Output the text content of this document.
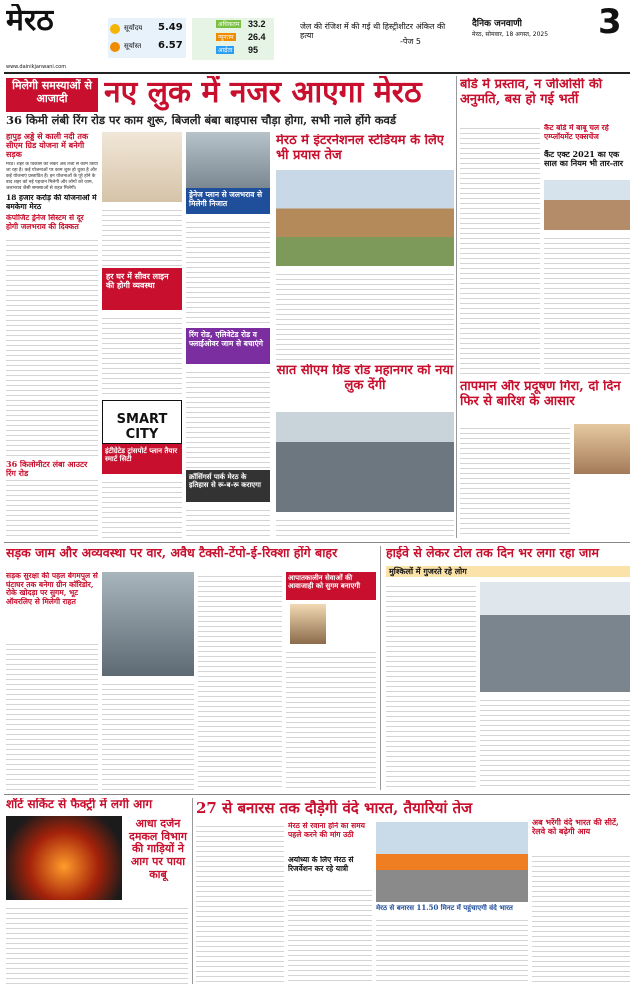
मेरठ
www.dainikjanwani.com
सूर्योदय 5.49
सूर्यास्त 6.57
अधिकतम 33.2
न्यूनतम 26.4
आर्द्रता 95
जेल की रंजिश में की गई थी हिस्ट्रीशीटर अंकित की हत्या
-पेज 5
दैनिक जनवाणी
मेरठ, सोमवार, 18 अगस्त, 2025 3
मिलेगी समस्याओं से आजादी	नए लुक में नजर आएगा मेरठ
36 किमी लंबी रिंग रोड पर काम शुरू, बिजली बंबा बाइपास चौड़ा होगा, सभी नाले होंगे कवर्ड
हापुड़ अड्डे से काली नदी तक सीएम ग्रिड योजना में बनेगी सड़क
मेरठ। शहर के विकास को लेकर अब तेजी से काम किया जा रहा है। कई योजनाओं पर काम शुरू हो चुका है और कई योजनाएं प्रस्तावित हैं। इन योजनाओं के पूरे होने के बाद शहर को नई पहचान मिलेगी और लोगों को जाम, जलभराव जैसी समस्याओं से राहत मिलेगी।
18 हजार करोड़ की योजनाओं मे बमकेगा मेरठ
कंपोजिट ड्रेनेज सिस्टम से दूर होगी जलभराव की दिक्कत
हर घर में सीवर लाइन की होगी व्यवस्था
SMART CITY
इंटीग्रेटेड ट्रांसपोर्ट प्लान तैयार स्मार्ट सिटी
36 किलोमीटर लंबा आउटर रिंग रोड
ड्रेनेज प्लान से जलभराव से मिलेगी निजात
रिंग रोड, एलिवेटेड रोड व फ्लाईओवर जाम से बचाएंगे
क्रॉसिंगर्स पार्क मेरठ के इतिहास से रू-ब-रू कराएगा
मेरठ में इंटरनेशनल स्टेडियम के लिए भी प्रयास तेज
सात सीएम ग्रिड रोड महानगर को नया लुक देंगी
बोर्ड में प्रस्ताव, न जीओसी की अनुमति, बस हो गई भर्ती
कैंट बोर्ड में बाबू चल रहे एम्प्लॉयमेंट एक्सचेंज
कैंट एक्ट 2021 का एक साल का नियम भी तार-तार
तापमान और प्रदूषण गिरा, दो दिन फिर से बारिश के आसार
सड़क जाम और अव्यवस्था पर वार, अवैध टैक्सी-टेंपो-ई-रिक्शा होंगे बाहर
सड़क सुरक्षा की पहल बेगमपुल से घंटाघर तक बनेगा ग्रीन कॉरिडोर, रोके खोदड़ा पर सुगम, भूट ऑवरलिए से मिलेगी राहत
आपातकालीन सेवाओं की आवाजाही को सुगम बनाएगी
हाईवे से लेकर टोल तक दिन भर लगा रहा जाम
मुश्किलों में गुजरते रहे लोग
शॉर्ट सर्किट से फैक्ट्री में लगी आग
आधा दर्जन दमकल विभाग की गाड़ियों ने आग पर पाया काबू
27 से बनारस तक दौड़ेगी वंदे भारत, तैयारियां तेज
मेरठ से रवाना होने का समय पहले करने की मांग उठी
अयोध्या के लिए मेरठ से रिजर्वेशन कर रहे यात्री
मेरठ से बनारस 11.50 मिनट में पहुंचाएगी वंदे भारत
अब भरेंगी वंदे भारत की सीटें, रेलवे को बढ़ेगी आय
